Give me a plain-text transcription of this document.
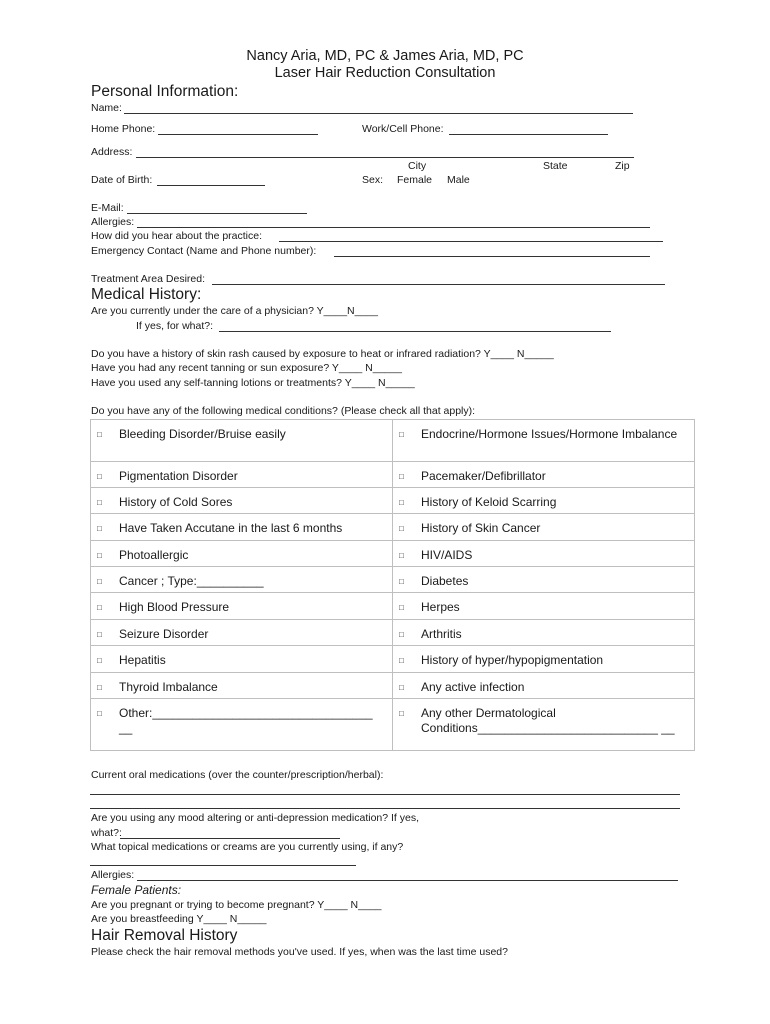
Nancy Aria, MD, PC & James Aria, MD, PC
Laser Hair Reduction Consultation
Personal Information:
Name:
Home Phone:	Work/Cell Phone:
Address:
City	State	Zip
Date of Birth:	Sex: Female Male
E-Mail:
Allergies:
How did you hear about the practice:
Emergency Contact (Name and Phone number):
Treatment Area Desired:
Medical History:
Are you currently under the care of a physician? Y____N____
If yes, for what?:
Do you have a history of skin rash caused by exposure to heat or infrared radiation? Y____ N_____
Have you had any recent tanning or sun exposure? Y____ N_____
Have you used any self-tanning lotions or treatments? Y____ N_____
Do you have any of the following medical conditions? (Please check all that apply):
□ Bleeding Disorder/Bruise easily	□ Endocrine/Hormone Issues/Hormone Imbalance

□ Pigmentation Disorder	□ Pacemaker/Defibrillator

□ History of Cold Sores	□ History of Keloid Scarring

□ Have Taken Accutane in the last 6 months	□ History of Skin Cancer

□ Photoallergic	□ HIV/AIDS

□ Cancer ; Type:__________	□ Diabetes

□ High Blood Pressure	□ Herpes

□ Seizure Disorder	□ Arthritis

□ Hepatitis	□ History of hyper/hypopigmentation

□ Thyroid Imbalance	□ Any active infection

□ Other:_________________________________ __	□ Any other Dermatological Conditions___________________________ __
Current oral medications (over the counter/prescription/herbal):
Are you using any mood altering or anti-depression medication? If yes,
what?:
What topical medications or creams are you currently using, if any?
Allergies:
Female Patients:
Are you pregnant or trying to become pregnant? Y____ N____
Are you breastfeeding Y____ N_____
Hair Removal History
Please check the hair removal methods you've used. If yes, when was the last time used?
